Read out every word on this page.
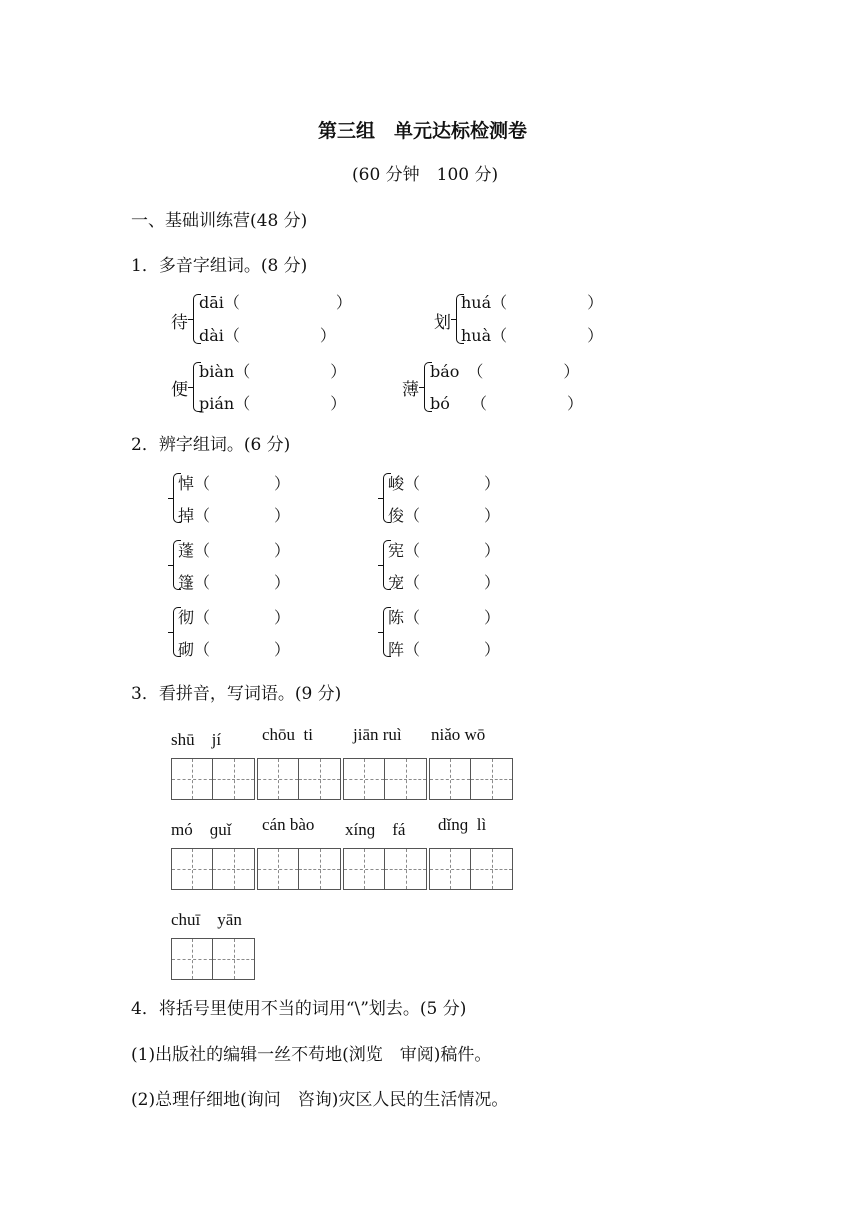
第三组　单元达标检测卷
(60 分钟　100 分)
一、基础训练营(48 分)
1．多音字组词。(8 分)
待
dāi（　　　　　　）
dài（　　　　　）
划
huá（　　　　　）
huà（　　　　　）
便
biàn（　　　　　）
pián（　　　　　）
薄
báo　（　　　　　）
bó　 （　　　　　）
2．辨字组词。(6 分)
悼（　　　　）
掉（　　　　）
峻（　　　　）
俊（　　　　）
蓬（　　　　）
篷（　　　　）
宪（　　　　）
宠（　　　　）
彻（　　　　）
砌（　　　　）
陈（　　　　）
阵（　　　　）
3．看拼音，写词语。(9 分)
shū　jí chōu  ti jiān ruì niǎo wō
mó　ɡuǐ cán bào xínɡ　fá dǐnɡ  lì
chuī　yān
4．将括号里使用不当的词用“\”划去。(5 分)
(1)出版社的编辑一丝不苟地(浏览　审阅)稿件。
(2)总理仔细地(询问　咨询)灾区人民的生活情况。
